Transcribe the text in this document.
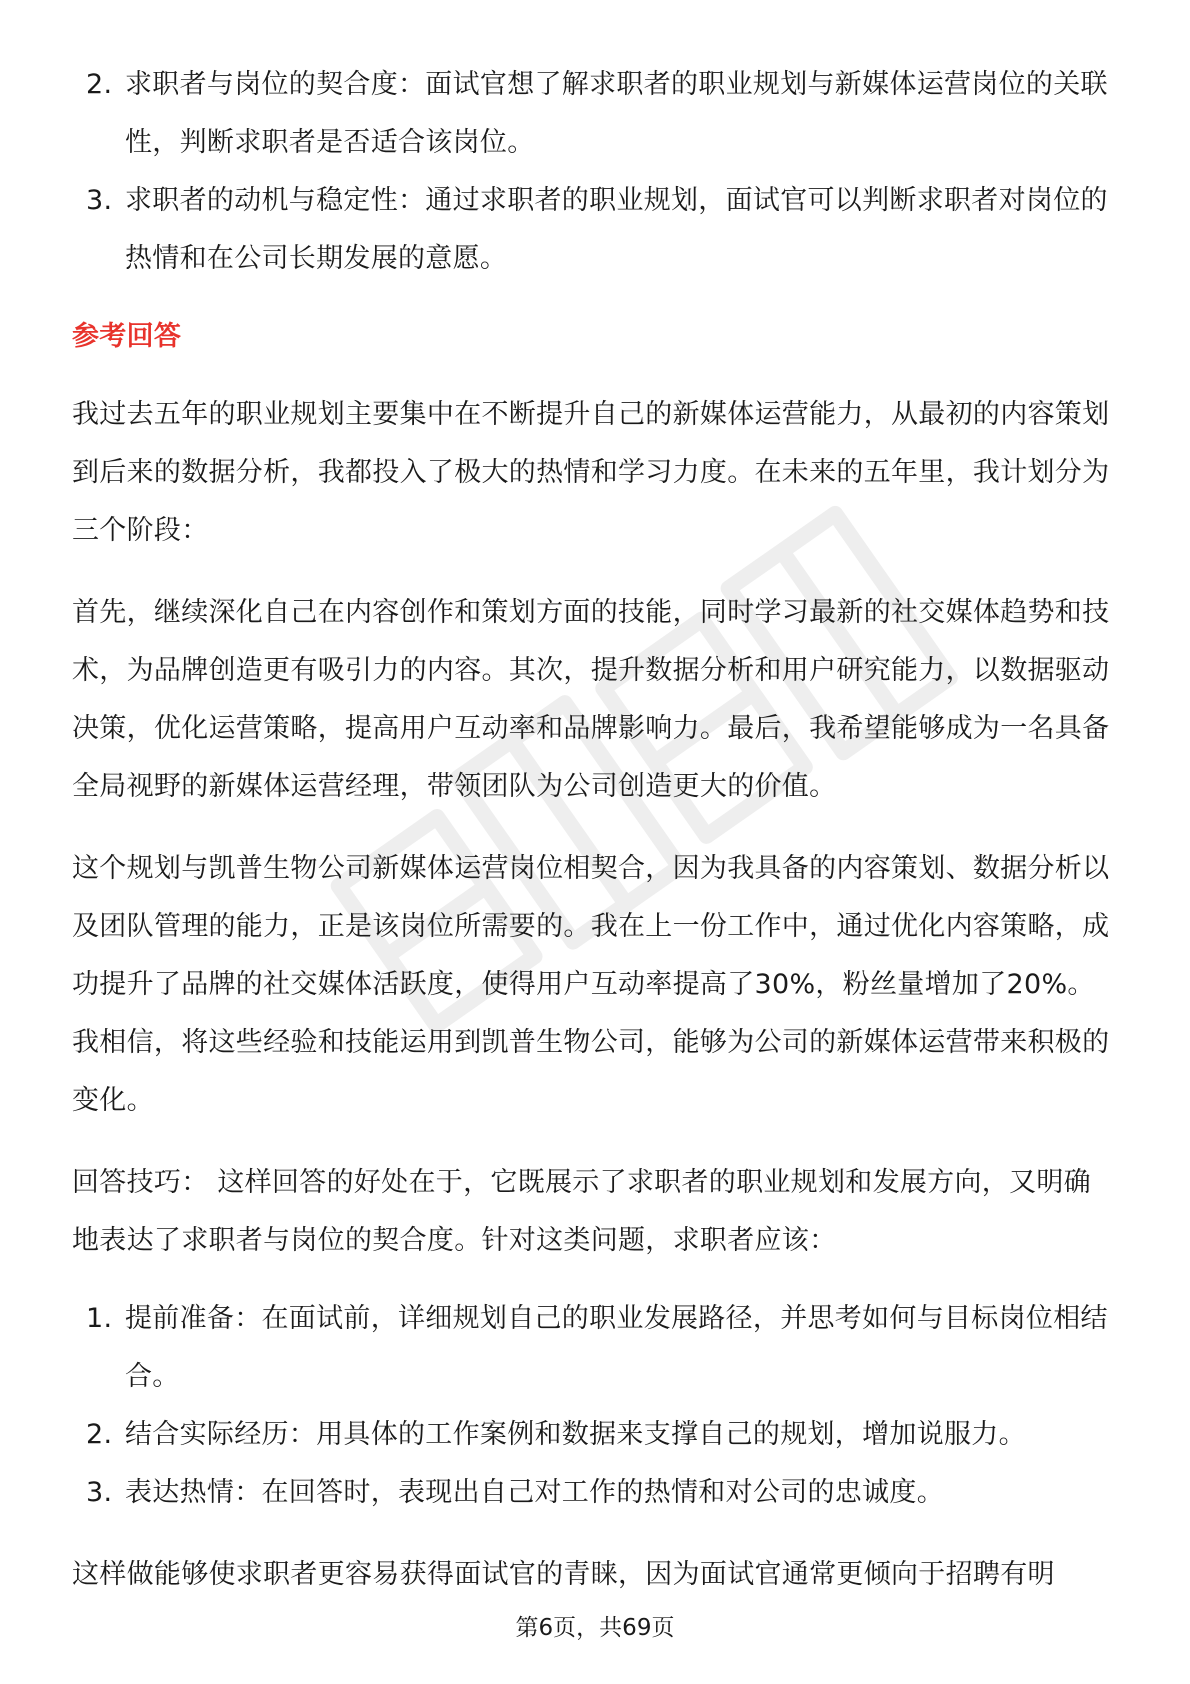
2. 求职者与岗位的契合度：面试官想了解求职者的职业规划与新媒体运营岗位的关联性，判断求职者是否适合该岗位。
3. 求职者的动机与稳定性：通过求职者的职业规划，面试官可以判断求职者对岗位的热情和在公司长期发展的意愿。
参考回答

我过去五年的职业规划主要集中在不断提升自己的新媒体运营能力，从最初的内容策划到后来的数据分析，我都投入了极大的热情和学习力度。在未来的五年里，我计划分为三个阶段：

首先，继续深化自己在内容创作和策划方面的技能，同时学习最新的社交媒体趋势和技术，为品牌创造更有吸引力的内容。其次，提升数据分析和用户研究能力，以数据驱动决策，优化运营策略，提高用户互动率和品牌影响力。最后，我希望能够成为一名具备全局视野的新媒体运营经理，带领团队为公司创造更大的价值。

这个规划与凯普生物公司新媒体运营岗位相契合，因为我具备的内容策划、数据分析以及团队管理的能力，正是该岗位所需要的。我在上一份工作中，通过优化内容策略，成功提升了品牌的社交媒体活跃度，使得用户互动率提高了30%，粉丝量增加了20%。我相信，将这些经验和技能运用到凯普生物公司，能够为公司的新媒体运营带来积极的变化。

回答技巧： 这样回答的好处在于，它既展示了求职者的职业规划和发展方向，又明确地表达了求职者与岗位的契合度。针对这类问题，求职者应该：

1. 提前准备：在面试前，详细规划自己的职业发展路径，并思考如何与目标岗位相结合。
2. 结合实际经历：用具体的工作案例和数据来支撑自己的规划，增加说服力。
3. 表达热情：在回答时，表现出自己对工作的热情和对公司的忠诚度。

这样做能够使求职者更容易获得面试官的青睐，因为面试官通常更倾向于招聘有明

第6页，共69页
